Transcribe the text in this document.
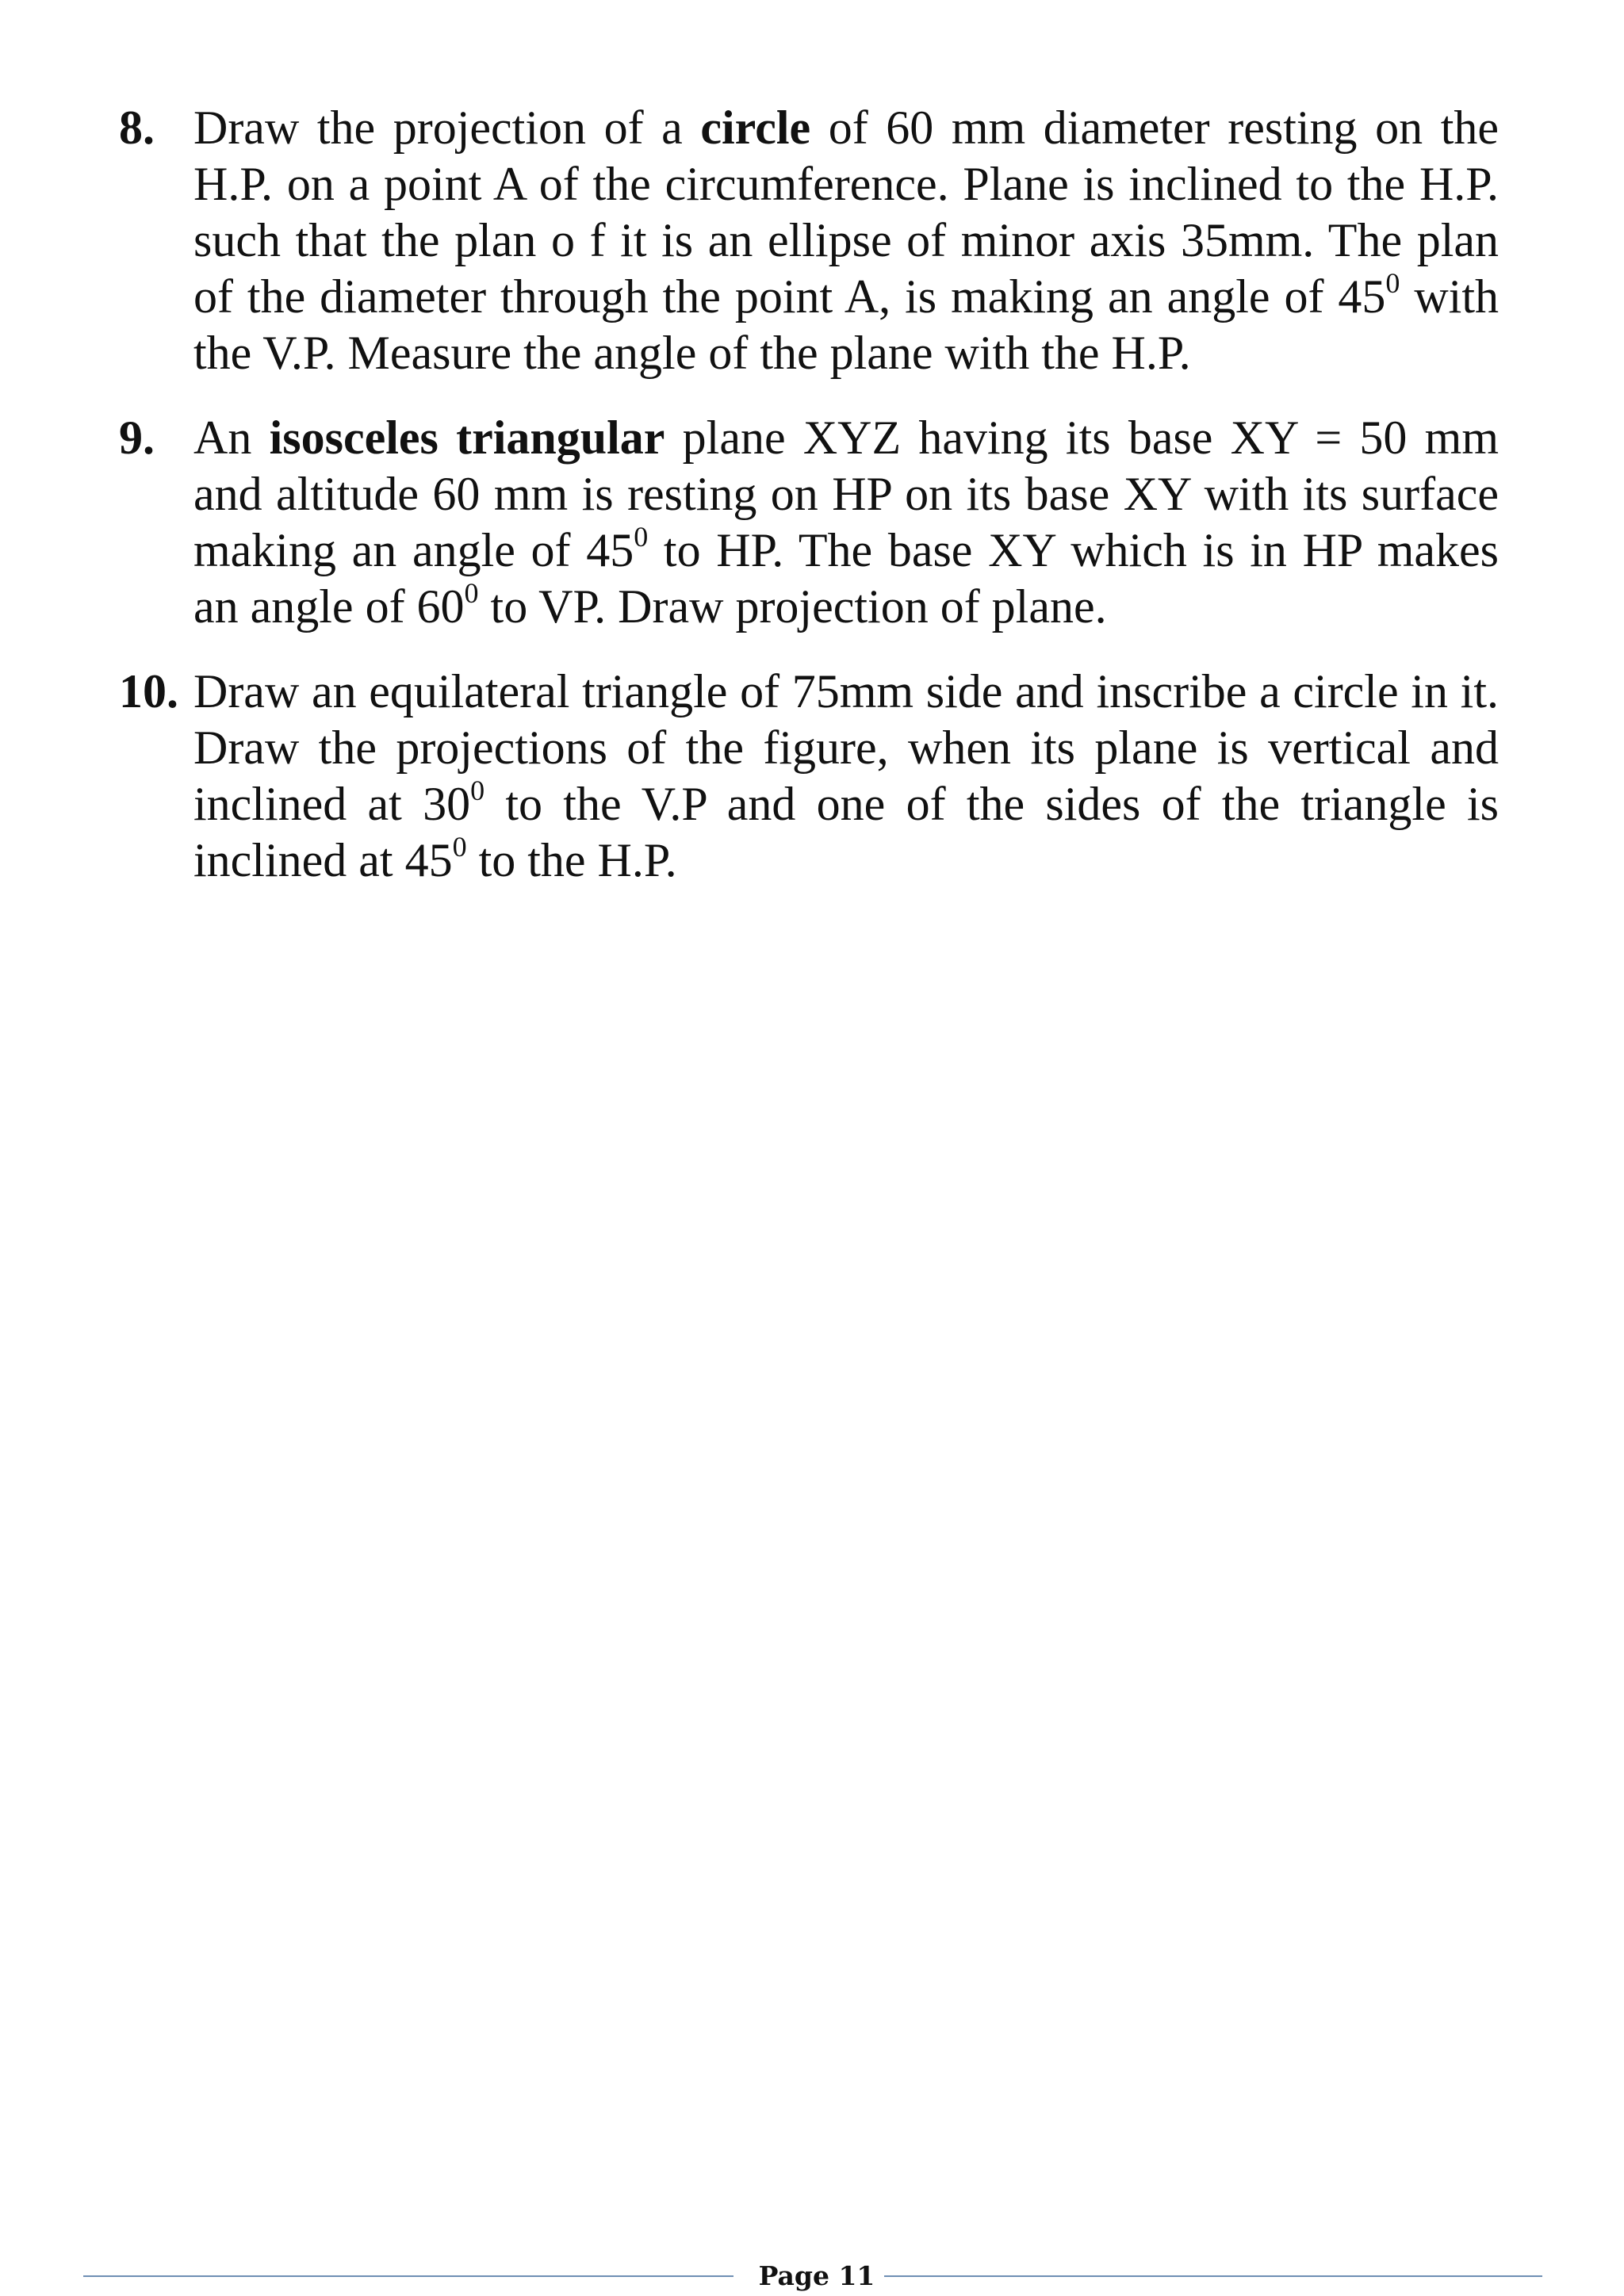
8. Draw the projection of a circle of 60 mm diameter resting on the H.P. on a point A of the circumference. Plane is inclined to the H.P. such that the plan o f it is an ellipse of minor axis 35mm. The plan of the diameter through the point A, is making an angle of $45^0$ with the V.P. Measure the angle of the plane with the H.P.
9. An isosceles triangular plane XYZ having its base XY = 50 mm and altitude 60 mm is resting on HP on its base XY with its surface making an angle of $45^0$ to HP. The base XY which is in HP makes an angle of $60^0$ to VP. Draw projection of plane.
10. Draw an equilateral triangle of 75mm side and inscribe a circle in it. Draw the projections of the figure, when its plane is vertical and inclined at $30^0$ to the V.P and one of the sides of the triangle is inclined at $45^0$ to the H.P.
Page 11
